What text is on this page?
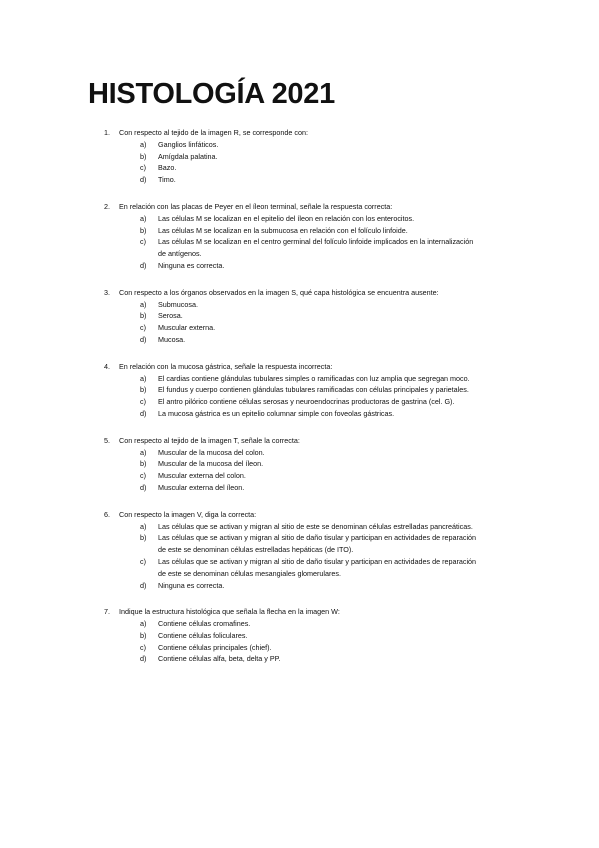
HISTOLOGÍA 2021
1.	Con respecto al tejido de la imagen R, se corresponde con:
a)	Ganglios linfáticos.
b)	Amígdala palatina.
c)	Bazo.
d)	Timo.
2.	En relación con las placas de Peyer en el íleon terminal, señale la respuesta correcta:
a)	Las células M se localizan en el epitelio del íleon en relación con los enterocitos.
b)	Las células M se localizan en la submucosa en relación con el folículo linfoide.
c)	Las células M se localizan en el centro germinal del folículo linfoide implicados en la internalización de antígenos.
d)	Ninguna es correcta.
3.	Con respecto a los órganos observados en la imagen S, qué capa histológica se encuentra ausente:
a)	Submucosa.
b)	Serosa.
c)	Muscular externa.
d)	Mucosa.
4.	En relación con la mucosa gástrica, señale la respuesta incorrecta:
a)	El cardias contiene glándulas tubulares simples o ramificadas con luz amplia que segregan moco.
b)	El fundus y cuerpo contienen glándulas tubulares ramificadas con células principales y parietales.
c)	El antro pilórico contiene células serosas y neuroendocrinas productoras de gastrina (cel. G).
d)	La mucosa gástrica es un epitelio columnar simple con foveolas gástricas.
5.	Con respecto al tejido de la imagen T, señale la correcta:
a)	Muscular de la mucosa del colon.
b)	Muscular de la mucosa del íleon.
c)	Muscular externa del colon.
d)	Muscular externa del íleon.
6.	Con respecto la imagen V, diga la correcta:
a)	Las células que se activan y migran al sitio de este se denominan células estrelladas pancreáticas.
b)	Las células que se activan y migran al sitio de daño tisular y participan en actividades de reparación de este se denominan células estrelladas hepáticas (de ITO).
c)	Las células que se activan y migran al sitio de daño tisular y participan en actividades de reparación de este se denominan células mesangiales glomerulares.
d)	Ninguna es correcta.
7.	Indique la estructura histológica que señala la flecha en la imagen W:
a)	Contiene células cromafines.
b)	Contiene células foliculares.
c)	Contiene células principales (chief).
d)	Contiene células alfa, beta, delta y PP.
